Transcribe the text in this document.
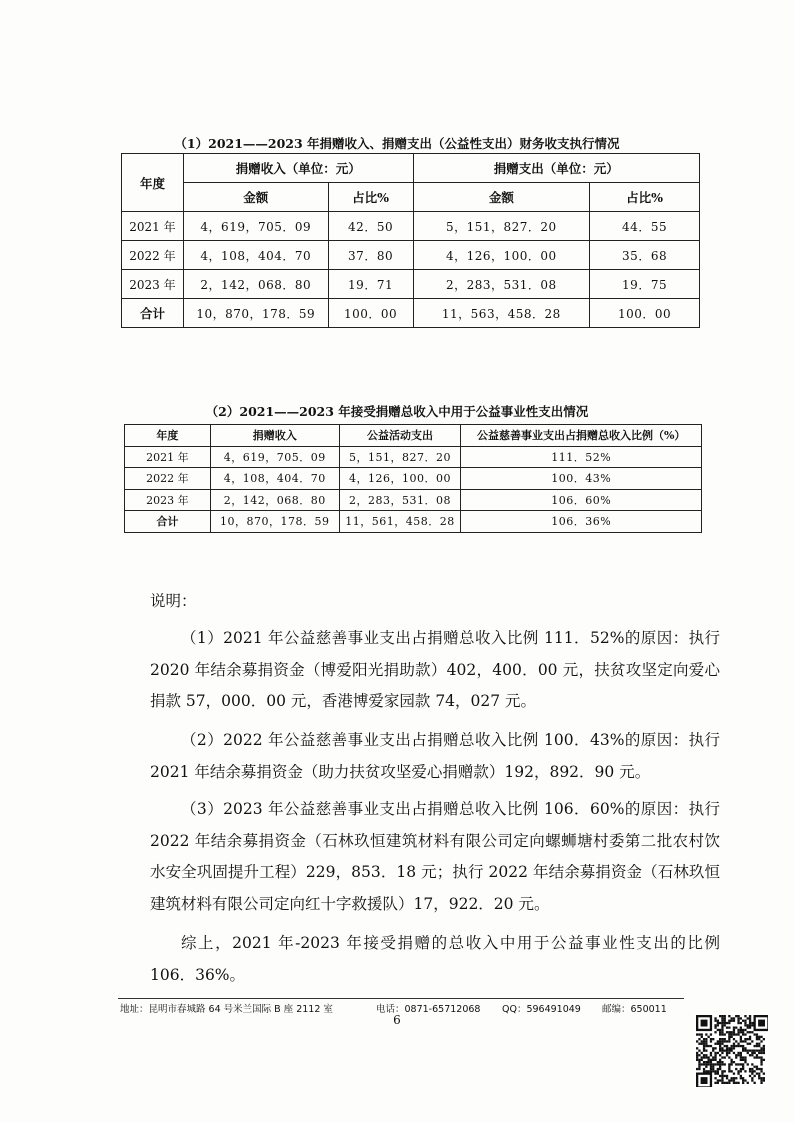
（1）2021——2023 年捐赠收入、捐赠支出（公益性支出）财务收支执行情况
年度	捐赠收入（单位：元）		捐赠支出（单位：元）	
	金额	占比%	金额	占比%
2021 年	4，619，705．09	42．50	5，151，827．20	44．55
2022 年	4，108，404．70	37．80	4，126，100．00	35．68
2023 年	2，142，068．80	19．71	2，283，531．08	19．75
合计	10，870，178．59	100．00	11，563，458．28	100．00
（2）2021——2023 年接受捐赠总收入中用于公益事业性支出情况
年度	捐赠收入	公益活动支出	公益慈善事业支出占捐赠总收入比例（%）
2021 年	4，619，705．09	5，151，827．20	111．52%
2022 年	4，108，404．70	4，126，100．00	100．43%
2023 年	2，142，068．80	2，283，531．08	106．60%
合计	10，870，178．59	11，561，458．28	106．36%
说明：
（1）2021 年公益慈善事业支出占捐赠总收入比例 111．52%的原因：执行 2020 年结余募捐资金（博爱阳光捐助款）402，400．00 元，扶贫攻坚定向爱心捐款 57，000．00 元，香港博爱家园款 74，027 元。
（2）2022 年公益慈善事业支出占捐赠总收入比例 100．43%的原因：执行 2021 年结余募捐资金（助力扶贫攻坚爱心捐赠款）192，892．90 元。
（3）2023 年公益慈善事业支出占捐赠总收入比例 106．60%的原因：执行 2022 年结余募捐资金（石林玖恒建筑材料有限公司定向螺蛳塘村委第二批农村饮水安全巩固提升工程）229，853．18 元；执行 2022 年结余募捐资金（石林玖恒建筑材料有限公司定向红十字救援队）17，922．20 元。
综上，2021 年-2023 年接受捐赠的总收入中用于公益事业性支出的比例 106．36%。
地址：昆明市春城路 64 号米兰国际 B 座 2112 室	电话：0871-65712068 QQ：596491049 邮编：650011
6
